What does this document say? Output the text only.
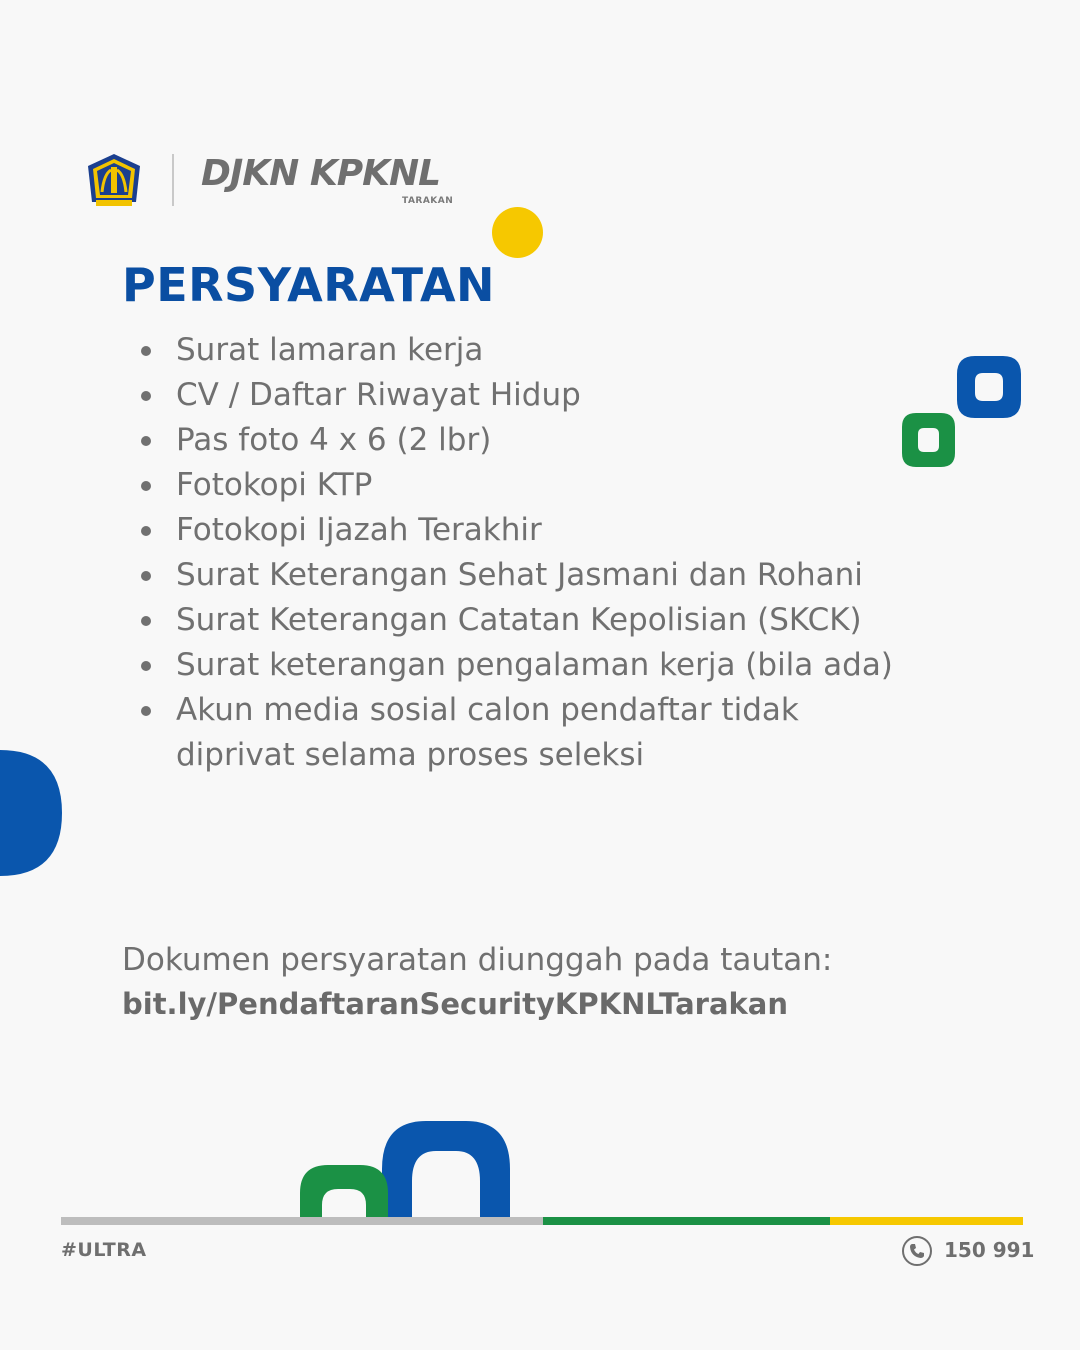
DJKN KPKNL
TARAKAN
PERSYARATAN
Surat lamaran kerja
CV / Daftar Riwayat Hidup
Pas foto 4 x 6 (2 lbr)
Fotokopi KTP
Fotokopi Ijazah Terakhir
Surat Keterangan Sehat Jasmani dan Rohani
Surat Keterangan Catatan Kepolisian (SKCK)
Surat keterangan pengalaman kerja (bila ada)
Akun media sosial calon pendaftar tidak diprivat selama proses seleksi
Dokumen persyaratan diunggah pada tautan:
bit.ly/PendaftaranSecurityKPKNLTarakan
#ULTRA	150 991
